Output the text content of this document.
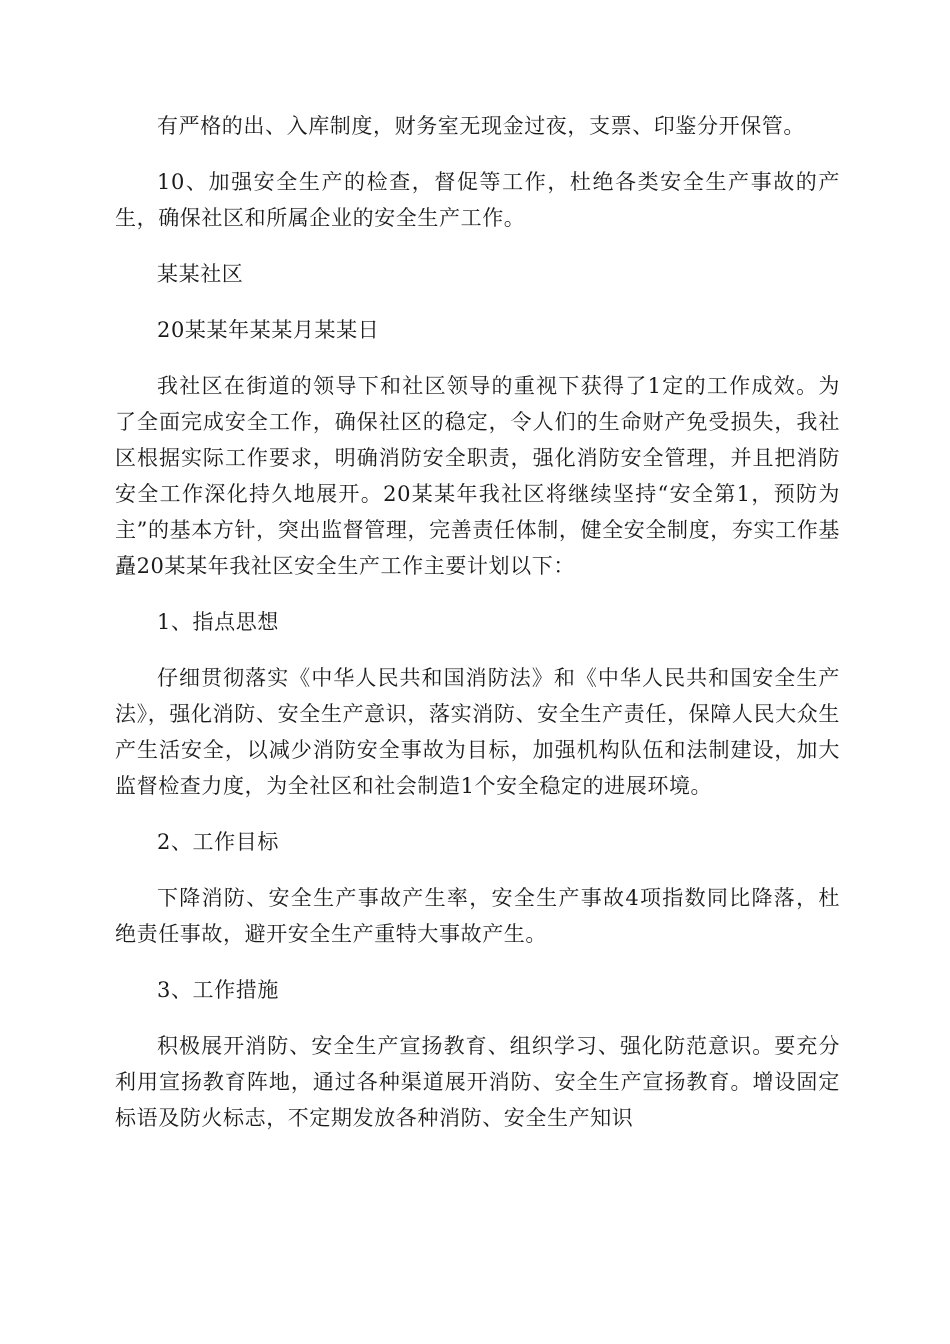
有严格的出、入库制度，财务室无现金过夜，支票、印鉴分开保管。

10、加强安全生产的检查，督促等工作，杜绝各类安全生产事故的产生，确保社区和所属企业的安全生产工作。

某某社区

20某某年某某月某某日

我社区在街道的领导下和社区领导的重视下获得了1定的工作成效。为了全面完成安全工作，确保社区的稳定，令人们的生命财产免受损失，我社区根据实际工作要求，明确消防安全职责，强化消防安全管理，并且把消防安全工作深化持久地展开。20某某年我社区将继续坚持“安全第1，预防为主”的基本方针，突出监督管理，完善责任体制，健全安全制度，夯实工作基矗20某某年我社区安全生产工作主要计划以下：

1、指点思想

仔细贯彻落实《中华人民共和国消防法》和《中华人民共和国安全生产法》，强化消防、安全生产意识，落实消防、安全生产责任，保障人民大众生产生活安全，以减少消防安全事故为目标，加强机构队伍和法制建设，加大监督检查力度，为全社区和社会制造1个安全稳定的进展环境。

2、工作目标

下降消防、安全生产事故产生率，安全生产事故4项指数同比降落，杜绝责任事故，避开安全生产重特大事故产生。

3、工作措施

积极展开消防、安全生产宣扬教育、组织学习、强化防范意识。要充分利用宣扬教育阵地，通过各种渠道展开消防、安全生产宣扬教育。增设固定标语及防火标志，不定期发放各种消防、安全生产知识
